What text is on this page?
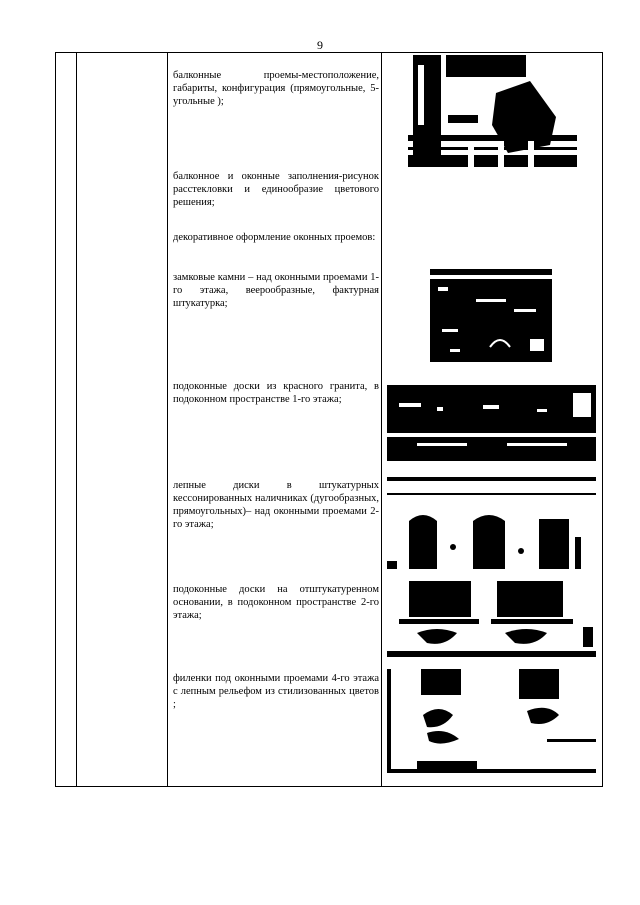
9
балконные проемы-местоположение, габариты, конфигурация (прямоугольные, 5-угольные );
балконное и оконные заполнения-рисунок расстекловки и единообразие цветового решения;
декоративное оформление оконных проемов:
замковые камни – над оконными проемами 1-го этажа, веерообразные, фактурная штукатурка;
подоконные доски из красного гранита, в подоконном пространстве 1-го этажа;
лепные диски в штукатурных кессонированных наличниках (дугообразных, прямоугольных)– над оконными проемами 2-го этажа;
подоконные доски на отштукатуренном основании, в подоконном пространстве 2-го этажа;
филенки под оконными проемами 4-го этажа с лепным рельефом из стилизованных цветов ;
